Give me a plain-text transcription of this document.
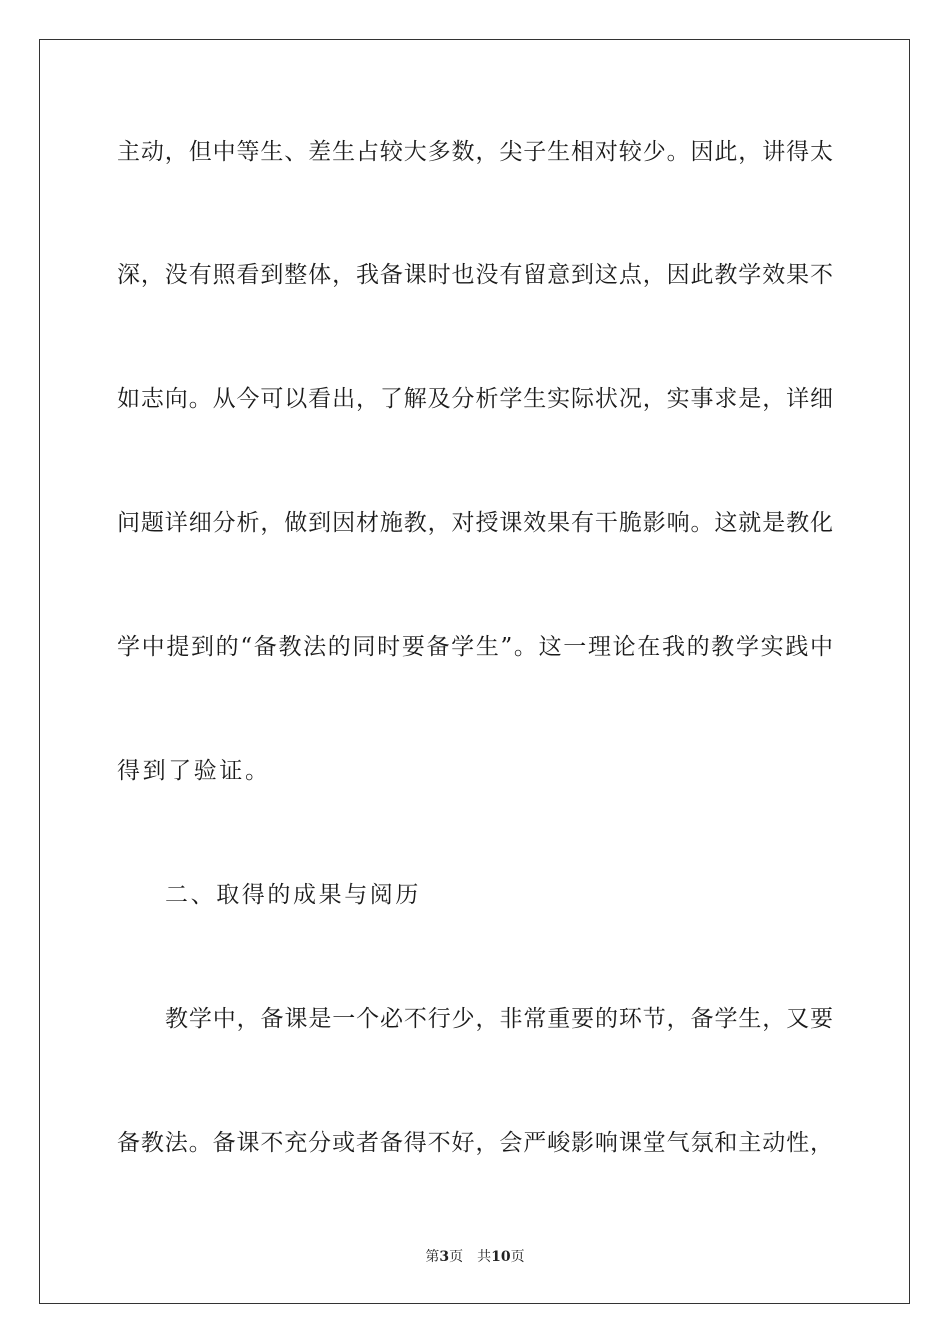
主动，但中等生、差生占较大多数，尖子生相对较少。因此，讲得太
深，没有照看到整体，我备课时也没有留意到这点，因此教学效果不
如志向。从今可以看出，了解及分析学生实际状况，实事求是，详细
问题详细分析，做到因材施教，对授课效果有干脆影响。这就是教化
学中提到的“备教法的同时要备学生”。这一理论在我的教学实践中
得到了验证。
二、取得的成果与阅历
教学中，备课是一个必不行少，非常重要的环节，备学生，又要
备教法。备课不充分或者备得不好，会严峻影响课堂气氛和主动性，
第3页 共10页
